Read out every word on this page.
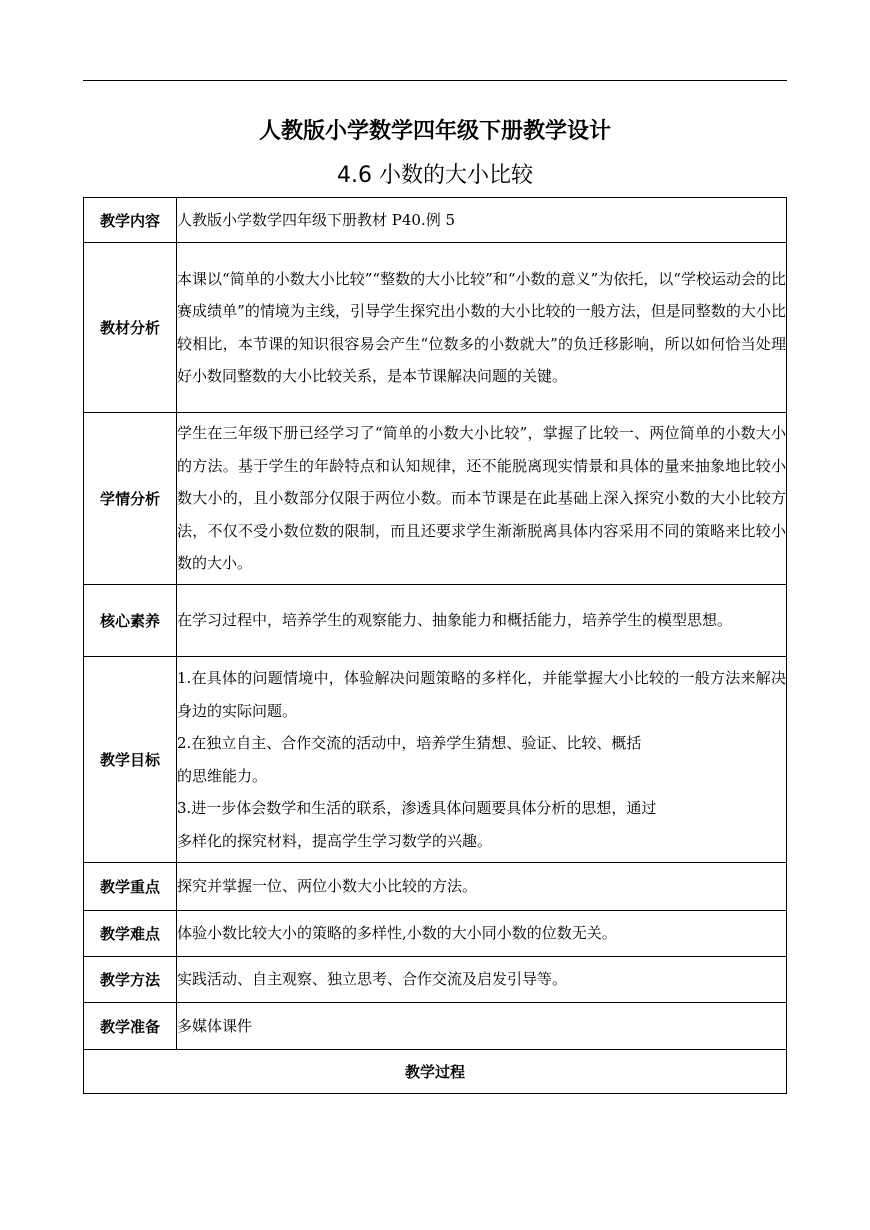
人教版小学数学四年级下册教学设计
4.6 小数的大小比较
教学内容	人教版小学数学四年级下册教材 P40.例 5

教材分析	本课以“简单的小数大小比较”“整数的大小比较”和“小数的意义”为依托，以“学校运动会的比赛成绩单”的情境为主线，引导学生探究出小数的大小比较的一般方法，但是同整数的大小比较相比，本节课的知识很容易会产生“位数多的小数就大”的负迁移影响，所以如何恰当处理好小数同整数的大小比较关系，是本节课解决问题的关键。

学情分析	学生在三年级下册已经学习了“简单的小数大小比较”，掌握了比较一、两位简单的小数大小的方法。基于学生的年龄特点和认知规律，还不能脱离现实情景和具体的量来抽象地比较小数大小的，且小数部分仅限于两位小数。而本节课是在此基础上深入探究小数的大小比较方法，不仅不受小数位数的限制，而且还要求学生渐渐脱离具体内容采用不同的策略来比较小数的大小。

核心素养	在学习过程中，培养学生的观察能力、抽象能力和概括能力，培养学生的模型思想。

教学目标	1.在具体的问题情境中，体验解决问题策略的多样化，并能掌握大小比较的一般方法来解决身边的实际问题。

2.在独立自主、合作交流的活动中，培养学生猜想、验证、比较、概括

的思维能力。

3.进一步体会数学和生活的联系，渗透具体问题要具体分析的思想，通过

多样化的探究材料，提高学生学习数学的兴趣。

教学重点	探究并掌握一位、两位小数大小比较的方法。

教学难点	体验小数比较大小的策略的多样性,小数的大小同小数的位数无关。

教学方法	实践活动、自主观察、独立思考、合作交流及启发引导等。

教学准备	多媒体课件

教学过程	
